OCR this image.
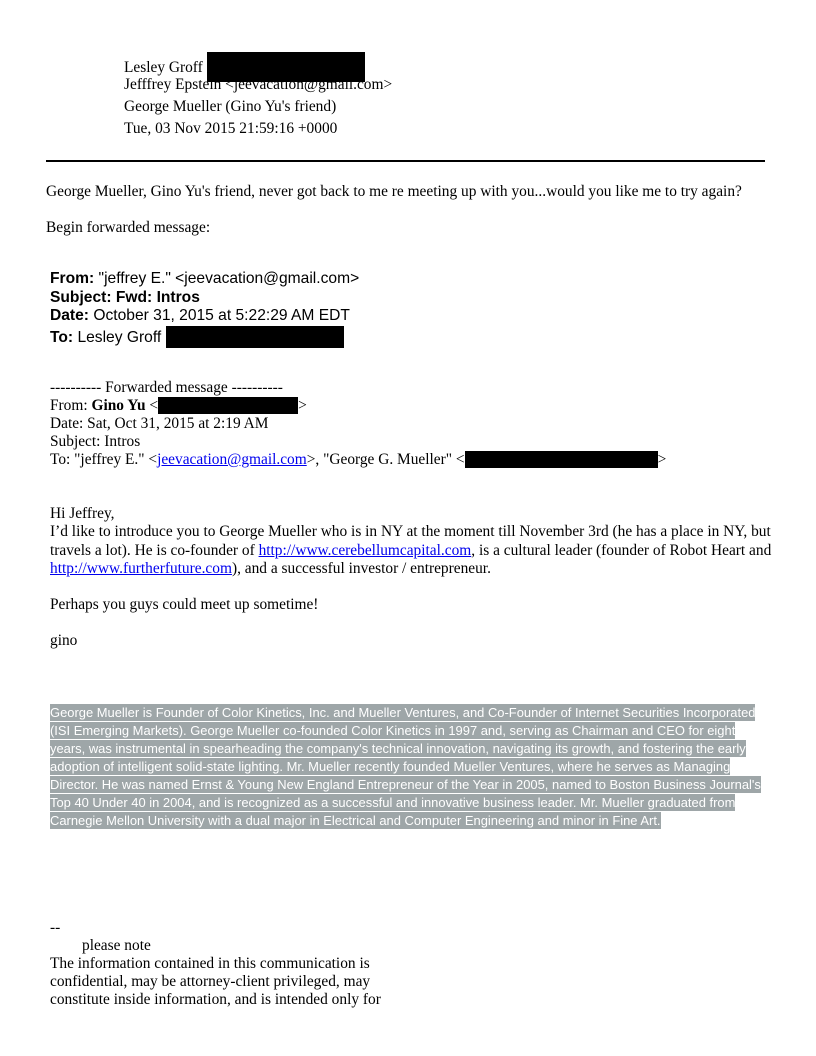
Lesley Groff
Jefffrey Epstein <jeevacation@gmail.com>
George Mueller (Gino Yu's friend)
Tue, 03 Nov 2015 21:59:16 +0000
George Mueller, Gino Yu's friend, never got back to me re meeting up with you...would you like me to try again?
Begin forwarded message:
From: "jeffrey E." <jeevacation@gmail.com>
Subject: Fwd: Intros
Date: October 31, 2015 at 5:22:29 AM EDT
To: Lesley Groff
---------- Forwarded message ----------
From: Gino Yu <	>
Date: Sat, Oct 31, 2015 at 2:19 AM
Subject: Intros
To: "jeffrey E." <jeevacation@gmail.com>, "George G. Mueller" <	>

Hi Jeffrey,

I’d like to introduce you to George Mueller who is in NY at the moment till November 3rd (he has a place in NY, but travels a lot). He is co-founder of http://www.cerebellumcapital.com, is a cultural leader (founder of Robot Heart and http://www.furtherfuture.com), and a successful investor / entrepreneur.

Perhaps you guys could meet up sometime!

gino

George Mueller is Founder of Color Kinetics, Inc. and Mueller Ventures, and Co-Founder of Internet Securities Incorporated (ISI Emerging Markets). George Mueller co-founded Color Kinetics in 1997 and, serving as Chairman and CEO for eight years, was instrumental in spearheading the company's technical innovation, navigating its growth, and fostering the early adoption of intelligent solid-state lighting. Mr. Mueller recently founded Mueller Ventures, where he serves as Managing Director. He was named Ernst & Young New England Entrepreneur of the Year in 2005, named to Boston Business Journal's Top 40 Under 40 in 2004, and is recognized as a successful and innovative business leader. Mr. Mueller graduated from Carnegie Mellon University with a dual major in Electrical and Computer Engineering and minor in Fine Art.
--
please note
The information contained in this communication is
confidential, may be attorney-client privileged, may
constitute inside information, and is intended only for
